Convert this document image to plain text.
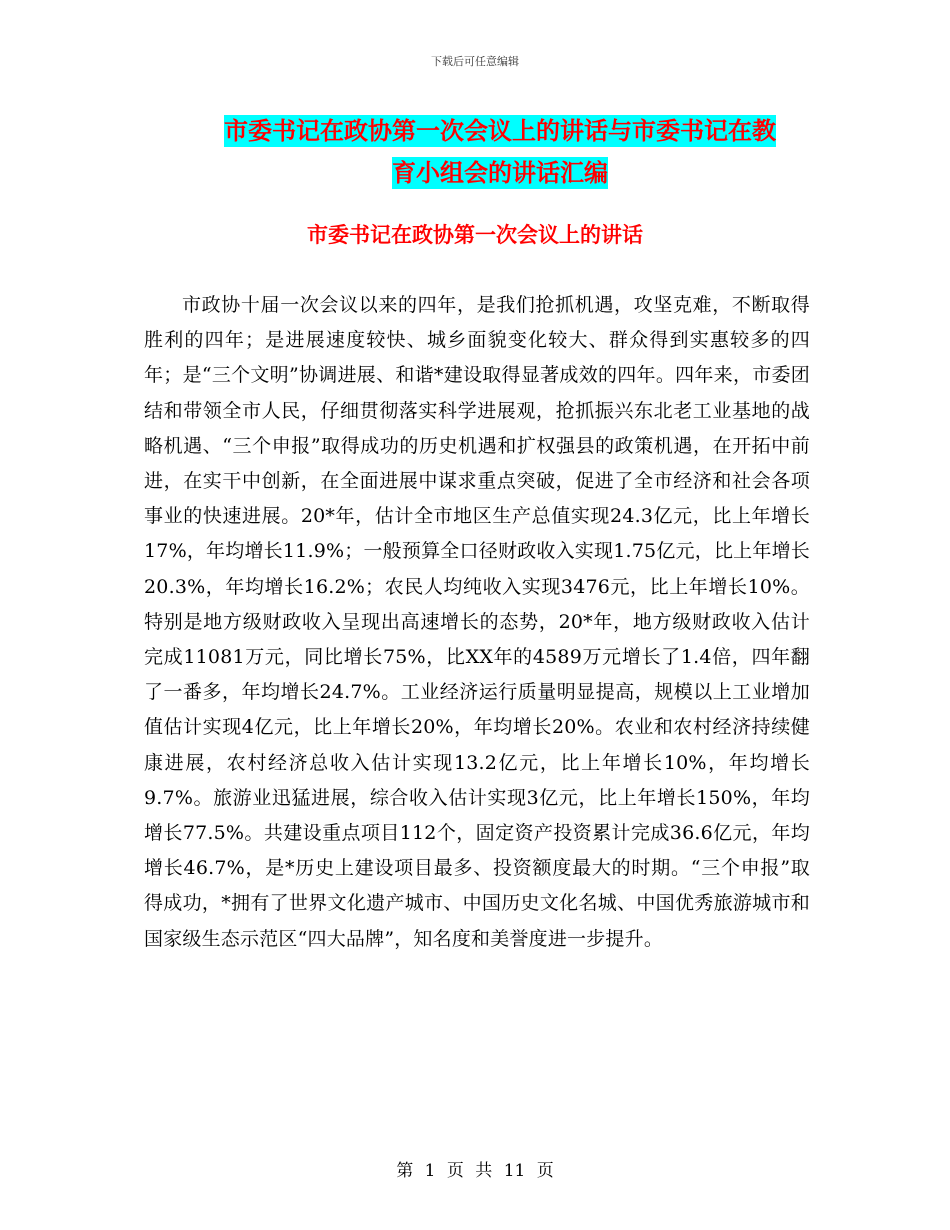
下载后可任意编辑
市委书记在政协第一次会议上的讲话与市委书记在教
育小组会的讲话汇编
市委书记在政协第一次会议上的讲话

市政协十届一次会议以来的四年，是我们抢抓机遇，攻坚克难，不断取得胜利的四年；是进展速度较快、城乡面貌变化较大、群众得到实惠较多的四年；是“三个文明”协调进展、和谐*建设取得显著成效的四年。四年来，市委团结和带领全市人民，仔细贯彻落实科学进展观，抢抓振兴东北老工业基地的战略机遇、“三个申报”取得成功的历史机遇和扩权强县的政策机遇，在开拓中前进，在实干中创新，在全面进展中谋求重点突破，促进了全市经济和社会各项事业的快速进展。20*年，估计全市地区生产总值实现24.3亿元，比上年增长17%，年均增长11.9%；一般预算全口径财政收入实现1.75亿元，比上年增长20.3%，年均增长16.2%；农民人均纯收入实现3476元，比上年增长10%。特别是地方级财政收入呈现出高速增长的态势，20*年，地方级财政收入估计完成11081万元，同比增长75%，比XX年的4589万元增长了1.4倍，四年翻了一番多，年均增长24.7%。工业经济运行质量明显提高，规模以上工业增加值估计实现4亿元，比上年增长20%，年均增长20%。农业和农村经济持续健康进展，农村经济总收入估计实现13.2亿元，比上年增长10%，年均增长9.7%。旅游业迅猛进展，综合收入估计实现3亿元，比上年增长150%，年均增长77.5%。共建设重点项目112个，固定资产投资累计完成36.6亿元，年均增长46.7%，是*历史上建设项目最多、投资额度最大的时期。“三个申报”取得成功，*拥有了世界文化遗产城市、中国历史文化名城、中国优秀旅游城市和国家级生态示范区“四大品牌”，知名度和美誉度进一步提升。

第 1 页 共 11 页
